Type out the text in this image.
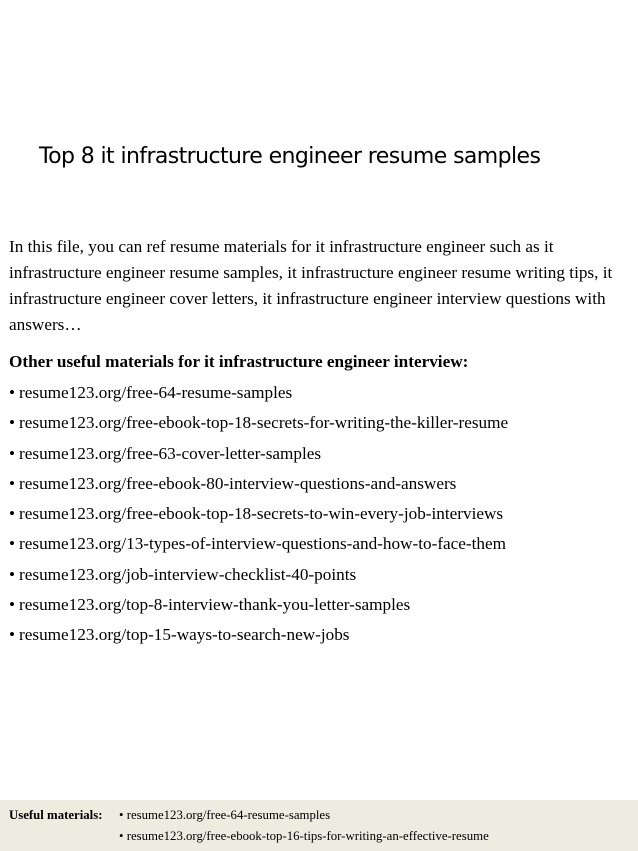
Top 8 it infrastructure engineer resume samples

In this file, you can ref resume materials for it infrastructure engineer such as it infrastructure engineer resume samples, it infrastructure engineer resume writing tips, it infrastructure engineer cover letters, it infrastructure engineer interview questions with answers…

Other useful materials for it infrastructure engineer interview:

• resume123.org/free-64-resume-samples
• resume123.org/free-ebook-top-18-secrets-for-writing-the-killer-resume
• resume123.org/free-63-cover-letter-samples
• resume123.org/free-ebook-80-interview-questions-and-answers
• resume123.org/free-ebook-top-18-secrets-to-win-every-job-interviews
• resume123.org/13-types-of-interview-questions-and-how-to-face-them
• resume123.org/job-interview-checklist-40-points
• resume123.org/top-8-interview-thank-you-letter-samples
• resume123.org/top-15-ways-to-search-new-jobs
Useful materials: • resume123.org/free-64-resume-samples
• resume123.org/free-ebook-top-16-tips-for-writing-an-effective-resume
